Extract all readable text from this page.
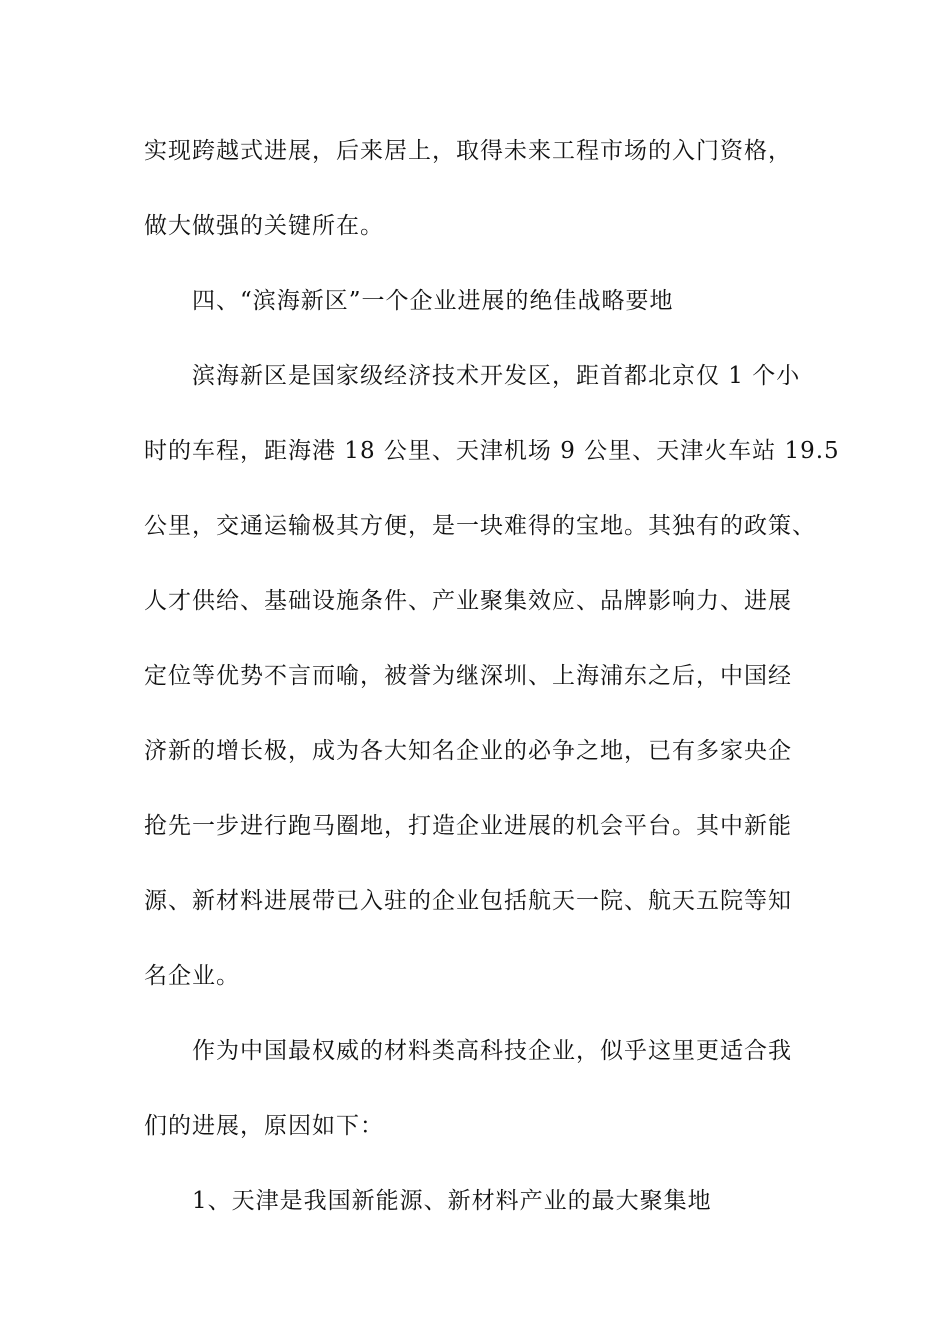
实现跨越式进展，后来居上，取得未来工程市场的入门资格，
做大做强的关键所在。
四、“滨海新区”一个企业进展的绝佳战略要地
滨海新区是国家级经济技术开发区，距首都北京仅 1 个小
时的车程，距海港 18 公里、天津机场 9 公里、天津火车站 19.5
公里，交通运输极其方便，是一块难得的宝地。其独有的政策、
人才供给、基础设施条件、产业聚集效应、品牌影响力、进展
定位等优势不言而喻，被誉为继深圳、上海浦东之后，中国经
济新的增长极，成为各大知名企业的必争之地，已有多家央企
抢先一步进行跑马圈地，打造企业进展的机会平台。其中新能
源、新材料进展带已入驻的企业包括航天一院、航天五院等知
名企业。
作为中国最权威的材料类高科技企业，似乎这里更适合我
们的进展，原因如下：
1、天津是我国新能源、新材料产业的最大聚集地
